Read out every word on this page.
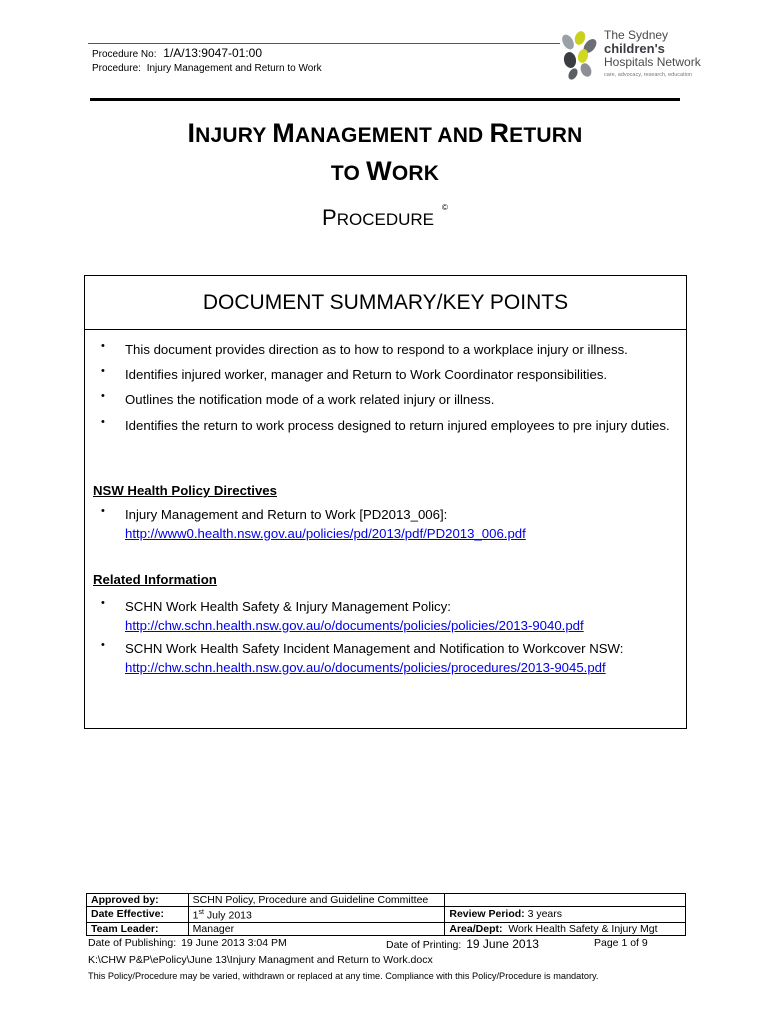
Procedure No: 1/A/13:9047-01:00
Procedure: Injury Management and Return to Work
The Sydney
children's
Hospitals Network
care, advocacy, research, education
INJURY MANAGEMENT AND RETURN
TO WORK
PROCEDURE©
DOCUMENT SUMMARY/KEY POINTS
• This document provides direction as to how to respond to a workplace injury or illness.
• Identifies injured worker, manager and Return to Work Coordinator responsibilities.
• Outlines the notification mode of a work related injury or illness.
• Identifies the return to work process designed to return injured employees to pre injury duties.
NSW Health Policy Directives
• Injury Management and Return to Work [PD2013_006]:
http://www0.health.nsw.gov.au/policies/pd/2013/pdf/PD2013_006.pdf
Related Information
• SCHN Work Health Safety & Injury Management Policy:
http://chw.schn.health.nsw.gov.au/o/documents/policies/policies/2013-9040.pdf
• SCHN Work Health Safety Incident Management and Notification to Workcover NSW:
http://chw.schn.health.nsw.gov.au/o/documents/policies/procedures/2013-9045.pdf
Approved by:	SCHN Policy, Procedure and Guideline Committee	
Date Effective:	1st July 2013	Review Period: 3 years
Team Leader:	Manager	Area/Dept: Work Health Safety & Injury Mgt
Date of Publishing: 19 June 2013 3:04 PM	Date of Printing: 19 June 2013	Page 1 of 9
K:\CHW P&P\ePolicy\June 13\Injury Managment and Return to Work.docx
This Policy/Procedure may be varied, withdrawn or replaced at any time. Compliance with this Policy/Procedure is mandatory.
